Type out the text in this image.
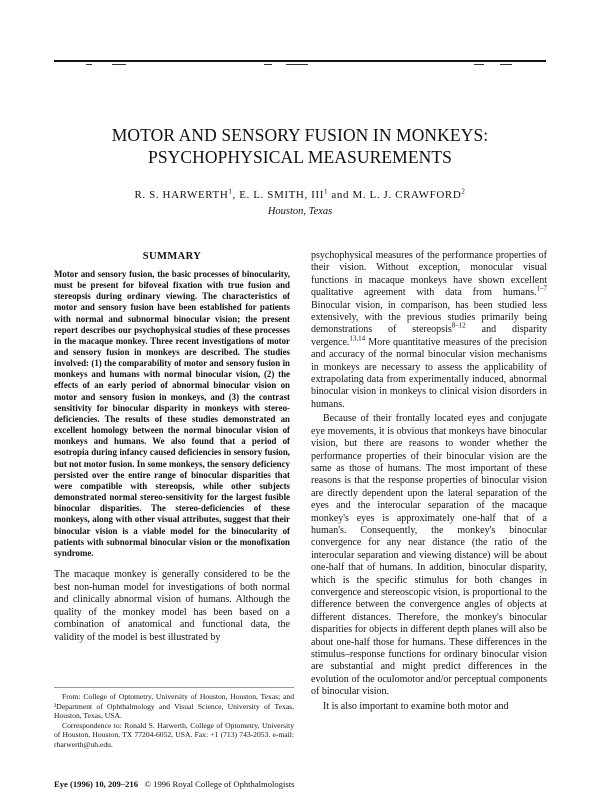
MOTOR AND SENSORY FUSION IN MONKEYS:
PSYCHOPHYSICAL MEASUREMENTS
R. S. HARWERTH$^1$, E. L. SMITH, III$^1$ and M. L. J. CRAWFORD$^2$
Houston, Texas
SUMMARY

Motor and sensory fusion, the basic processes of binocularity, must be present for bifoveal fixation with true fusion and stereopsis during ordinary viewing. The characteristics of motor and sensory fusion have been established for patients with normal and subnormal binocular vision; the present report describes our psychophysical studies of these processes in the macaque monkey. Three recent investigations of motor and sensory fusion in monkeys are described. The studies involved: (1) the comparability of motor and sensory fusion in monkeys and humans with normal binocular vision, (2) the effects of an early period of abnormal binocular vision on motor and sensory fusion in monkeys, and (3) the contrast sensitivity for binocular disparity in monkeys with stereo-deficiencies. The results of these studies demonstrated an excellent homology between the normal binocular vision of monkeys and humans. We also found that a period of esotropia during infancy caused deficiencies in sensory fusion, but not motor fusion. In some monkeys, the sensory deficiency persisted over the entire range of binocular disparities that were compatible with stereopsis, while other subjects demonstrated normal stereo-sensitivity for the largest fusible binocular disparities. The stereo-deficiencies of these monkeys, along with other visual attributes, suggest that their binocular vision is a viable model for the binocularity of patients with subnormal binocular vision or the monofixation syndrome.

The macaque monkey is generally considered to be the best non-human model for investigations of both normal and clinically abnormal vision of humans. Although the quality of the monkey model has been based on a combination of anatomical and functional data, the validity of the model is best illustrated by

psychophysical measures of the performance properties of their vision. Without exception, monocular visual functions in macaque monkeys have shown excellent qualitative agreement with data from humans.$^{1-7}$ Binocular vision, in comparison, has been studied less extensively, with the previous studies primarily being demonstrations of stereopsis$^{8-12}$ and disparity vergence.$^{13,14}$ More quantitative measures of the precision and accuracy of the normal binocular vision mechanisms in monkeys are necessary to assess the applicability of extrapolating data from experimentally induced, abnormal binocular vision in monkeys to clinical vision disorders in humans.

Because of their frontally located eyes and conjugate eye movements, it is obvious that monkeys have binocular vision, but there are reasons to wonder whether the performance properties of their binocular vision are the same as those of humans. The most important of these reasons is that the response properties of binocular vision are directly dependent upon the lateral separation of the eyes and the interocular separation of the macaque monkey's eyes is approximately one-half that of a human's. Consequently, the monkey's binocular convergence for any near distance (the ratio of the interocular separation and viewing distance) will be about one-half that of humans. In addition, binocular disparity, which is the specific stimulus for both changes in convergence and stereoscopic vision, is proportional to the difference between the convergence angles of objects at different distances. Therefore, the monkey's binocular disparities for objects in different depth planes will also be about one-half those for humans. These differences in the stimulus–response functions for ordinary binocular vision are substantial and might predict differences in the evolution of the oculomotor and/or perceptual components of binocular vision.

It is also important to examine both motor and

From: College of Optometry, University of Houston, Houston, Texas; and ²Department of Ophthalmology and Visual Science, University of Texas, Houston, Texas, USA.

Correspondence to: Ronald S. Harwerth, College of Optometry, University of Houston, Houston, TX 77204-6052, USA. Fax: +1 (713) 743-2053. e-mail: rharwerth@uh.edu.

Eye (1996) 10, 209–216 © 1996 Royal College of Ophthalmologists
